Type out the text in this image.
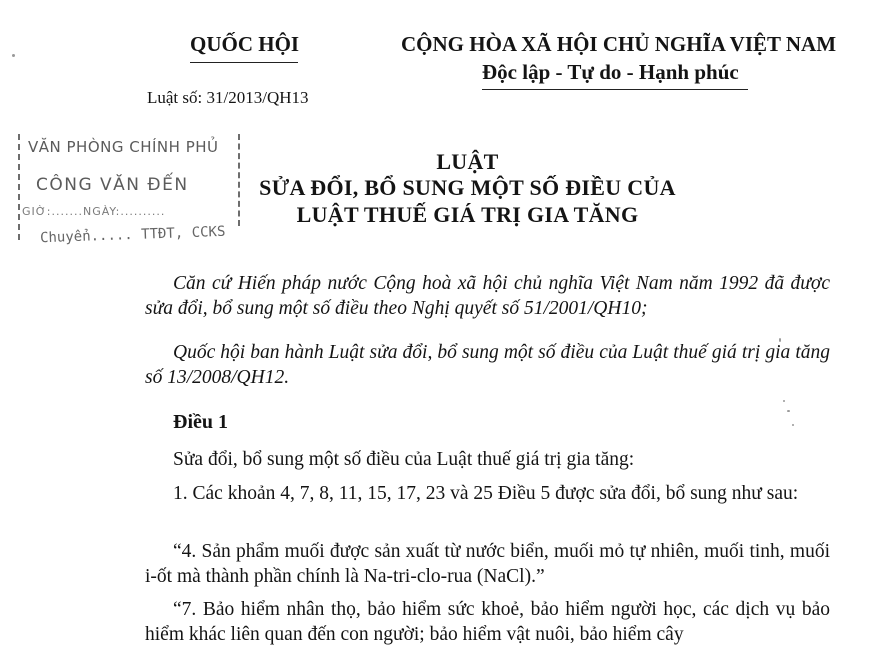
QUỐC HỘI	CỘNG HÒA XÃ HỘI CHỦ NGHĨA VIỆT NAM
Độc lập - Tự do - Hạnh phúc
Luật số: 31/2013/QH13
VĂN PHÒNG CHÍNH PHỦ
CÔNG VĂN ĐẾN
GIỜ:.......NGÀY:..........
Chuyển..... TTĐT, CCKS
LUẬT
SỬA ĐỔI, BỔ SUNG MỘT SỐ ĐIỀU CỦA
LUẬT THUẾ GIÁ TRỊ GIA TĂNG
Căn cứ Hiến pháp nước Cộng hoà xã hội chủ nghĩa Việt Nam năm 1992 đã được sửa đổi, bổ sung một số điều theo Nghị quyết số 51/2001/QH10;
Quốc hội ban hành Luật sửa đổi, bổ sung một số điều của Luật thuế giá trị gia tăng số 13/2008/QH12.
Điều 1
Sửa đổi, bổ sung một số điều của Luật thuế giá trị gia tăng:
1. Các khoản 4, 7, 8, 11, 15, 17, 23 và 25 Điều 5 được sửa đổi, bổ sung như sau:
“4. Sản phẩm muối được sản xuất từ nước biển, muối mỏ tự nhiên, muối tinh, muối i-ốt mà thành phần chính là Na-tri-clo-rua (NaCl).”
“7. Bảo hiểm nhân thọ, bảo hiểm sức khoẻ, bảo hiểm người học, các dịch vụ bảo hiểm khác liên quan đến con người; bảo hiểm vật nuôi, bảo hiểm cây
